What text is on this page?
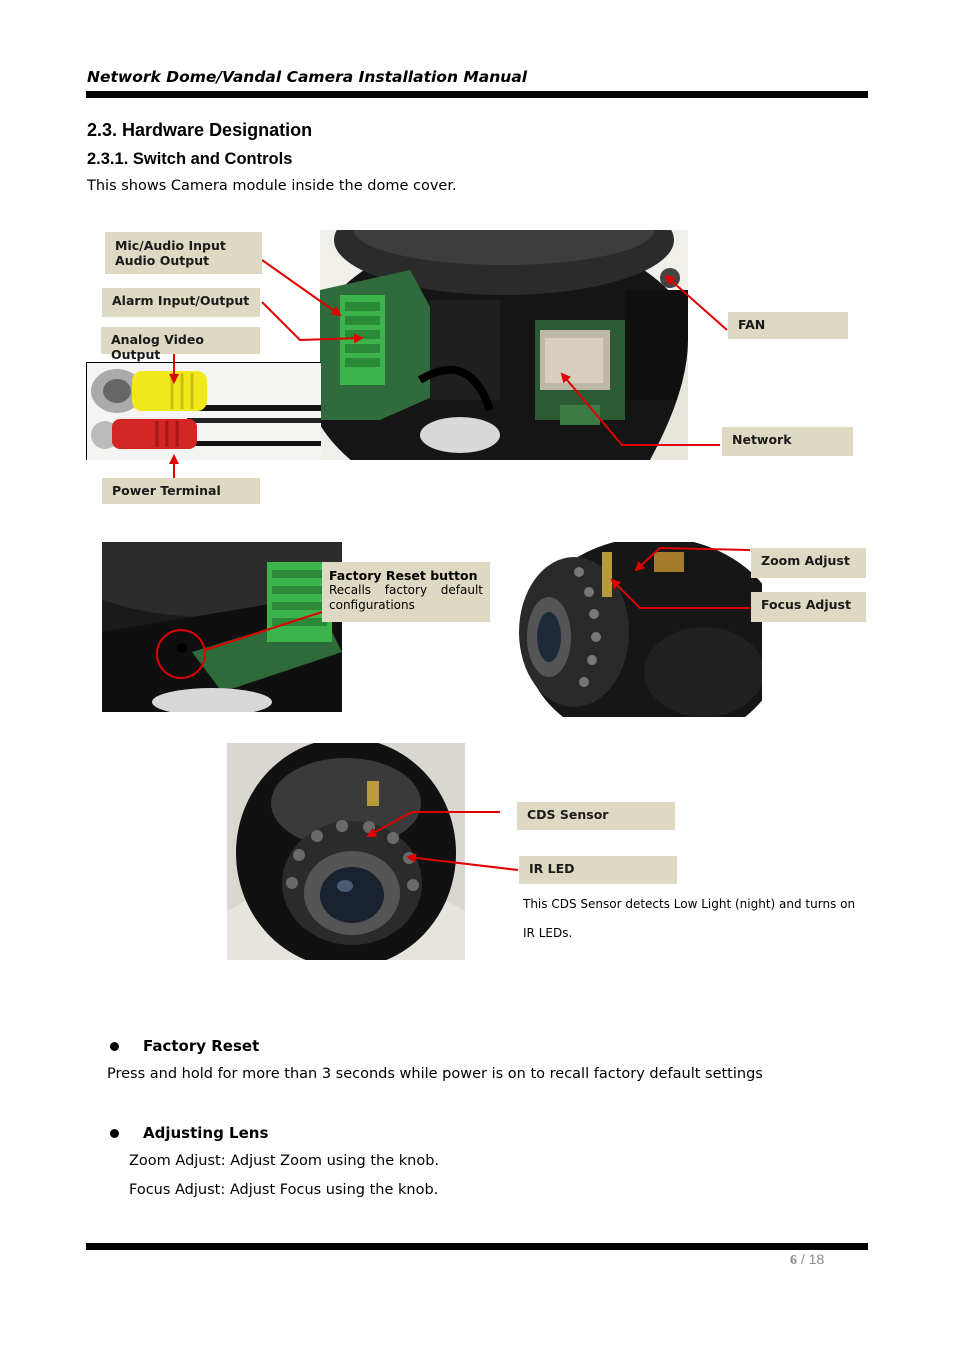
Network Dome/Vandal Camera Installation Manual
2.3. Hardware Designation
2.3.1. Switch and Controls
This shows Camera module inside the dome cover.
Mic/Audio Input
Audio Output
Alarm Input/Output
Analog Video Output
Power Terminal
FAN
Network
Factory Reset button
Recalls factory default configurations
Zoom Adjust
Focus Adjust
CDS Sensor
IR LED
This CDS Sensor detects Low Light (night) and turns on
IR LEDs.
Factory Reset
Press and hold for more than 3 seconds while power is on to recall factory default settings
Adjusting Lens
Zoom Adjust: Adjust Zoom using the knob.
Focus Adjust: Adjust Focus using the knob.
6 / 18
